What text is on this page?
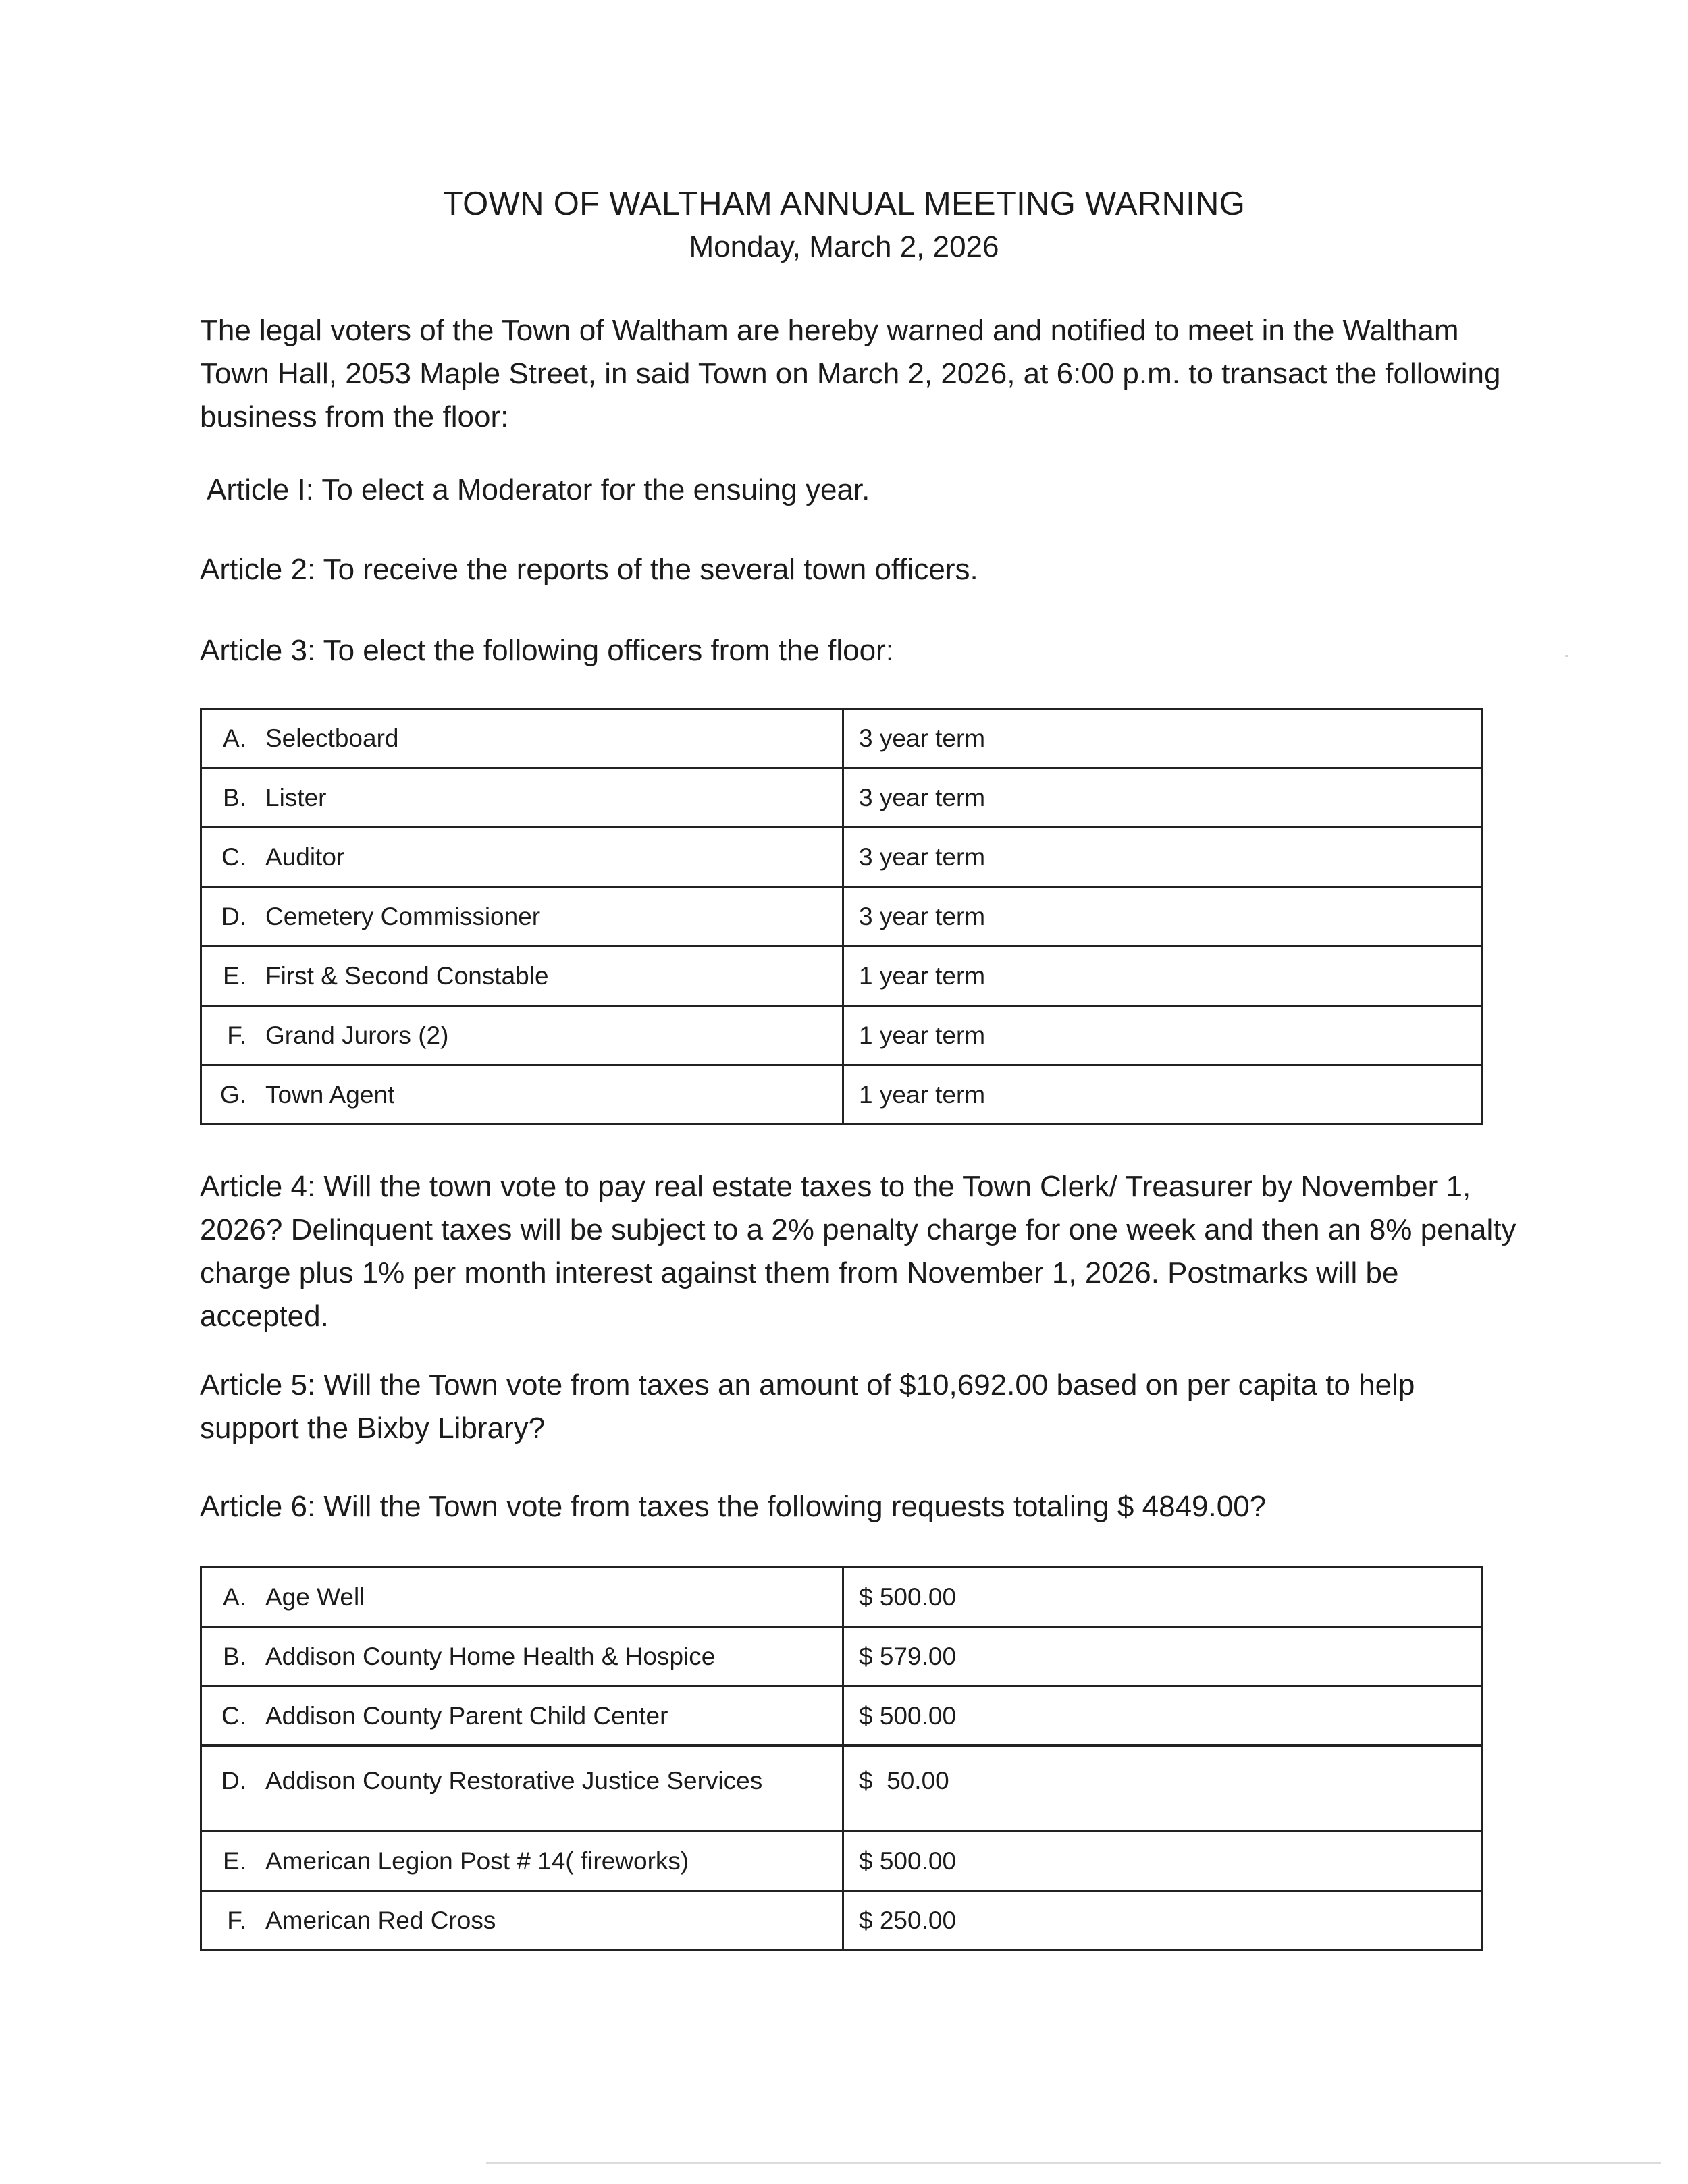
TOWN OF WALTHAM ANNUAL MEETING WARNING
Monday, March 2, 2026

The legal voters of the Town of Waltham are hereby warned and notified to meet in the Waltham Town Hall, 2053 Maple Street, in said Town on March 2, 2026, at 6:00 p.m. to transact the following business from the floor:

Article I: To elect a Moderator for the ensuing year.

Article 2: To receive the reports of the several town officers.

Article 3: To elect the following officers from the floor:

A. Selectboard	3 year term
B. Lister	3 year term
C. Auditor	3 year term
D. Cemetery Commissioner	3 year term
E. First & Second Constable	1 year term
F. Grand Jurors (2)	1 year term
G. Town Agent	1 year term

Article 4: Will the town vote to pay real estate taxes to the Town Clerk/ Treasurer by November 1, 2026? Delinquent taxes will be subject to a 2% penalty charge for one week and then an 8% penalty charge plus 1% per month interest against them from November 1, 2026. Postmarks will be accepted.

Article 5: Will the Town vote from taxes an amount of $10,692.00 based on per capita to help support the Bixby Library?

Article 6: Will the Town vote from taxes the following requests totaling $ 4849.00?

A. Age Well	$ 500.00
B. Addison County Home Health & Hospice	$ 579.00
C. Addison County Parent Child Center	$ 500.00

D. Addison County Restorative Justice Services	$  50.00

E. American Legion Post # 14( fireworks)	$ 500.00
F. American Red Cross	$ 250.00
